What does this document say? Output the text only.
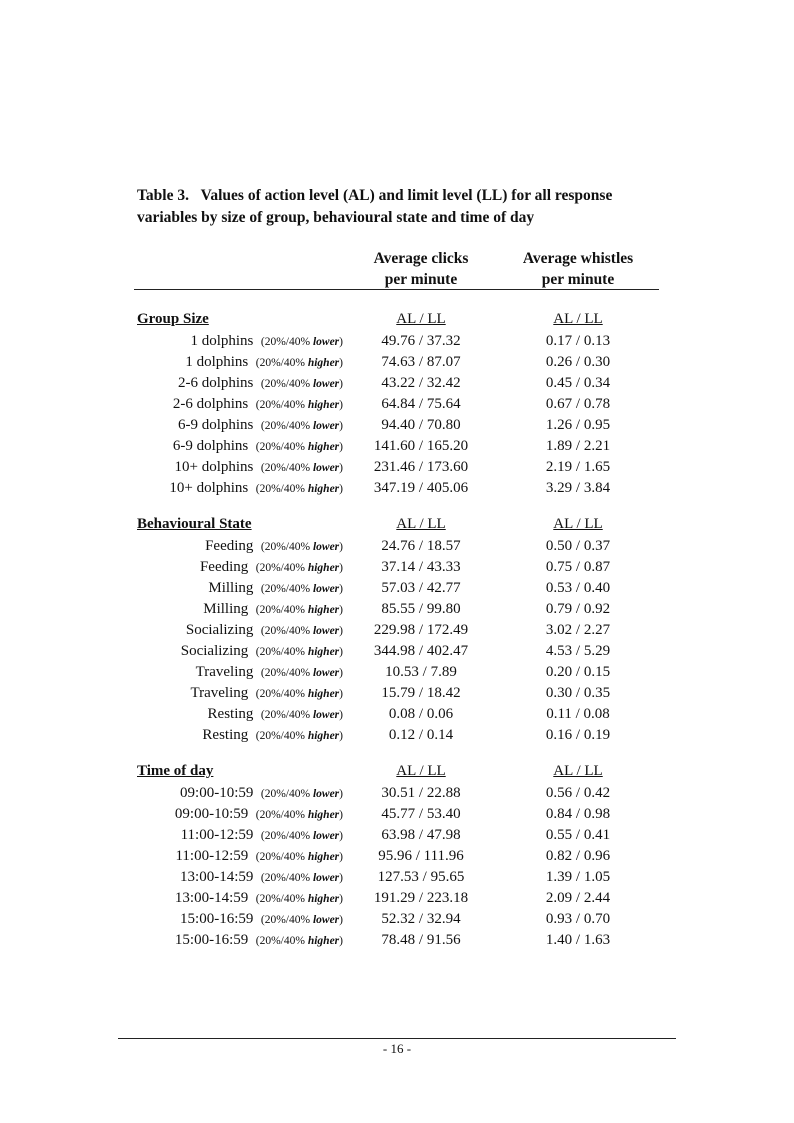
Table 3. Values of action level (AL) and limit level (LL) for all response variables by size of group, behavioural state and time of day
Average clicks
per minute
Average whistles
per minute
Group Size	AL / LL	AL / LL
1 dolphins (20%/40% lower)	49.76 / 37.32	0.17 / 0.13
1 dolphins (20%/40% higher)	74.63 / 87.07	0.26 / 0.30
2-6 dolphins (20%/40% lower)	43.22 / 32.42	0.45 / 0.34
2-6 dolphins (20%/40% higher)	64.84 / 75.64	0.67 / 0.78
6-9 dolphins (20%/40% lower)	94.40 / 70.80	1.26 / 0.95
6-9 dolphins (20%/40% higher)	141.60 / 165.20	1.89 / 2.21
10+ dolphins (20%/40% lower)	231.46 / 173.60	2.19 / 1.65
10+ dolphins (20%/40% higher)	347.19 / 405.06	3.29 / 3.84
Behavioural State	AL / LL	AL / LL
Feeding (20%/40% lower)	24.76 / 18.57	0.50 / 0.37
Feeding (20%/40% higher)	37.14 / 43.33	0.75 / 0.87
Milling (20%/40% lower)	57.03 / 42.77	0.53 / 0.40
Milling (20%/40% higher)	85.55 / 99.80	0.79 / 0.92
Socializing (20%/40% lower)	229.98 / 172.49	3.02 / 2.27
Socializing (20%/40% higher)	344.98 / 402.47	4.53 / 5.29
Traveling (20%/40% lower)	10.53 / 7.89	0.20 / 0.15
Traveling (20%/40% higher)	15.79 / 18.42	0.30 / 0.35
Resting (20%/40% lower)	0.08 / 0.06	0.11 / 0.08
Resting (20%/40% higher)	0.12 / 0.14	0.16 / 0.19
Time of day	AL / LL	AL / LL
09:00-10:59 (20%/40% lower)	30.51 / 22.88	0.56 / 0.42
09:00-10:59 (20%/40% higher)	45.77 / 53.40	0.84 / 0.98
11:00-12:59 (20%/40% lower)	63.98 / 47.98	0.55 / 0.41
11:00-12:59 (20%/40% higher)	95.96 / 111.96	0.82 / 0.96
13:00-14:59 (20%/40% lower)	127.53 / 95.65	1.39 / 1.05
13:00-14:59 (20%/40% higher)	191.29 / 223.18	2.09 / 2.44
15:00-16:59 (20%/40% lower)	52.32 / 32.94	0.93 / 0.70
15:00-16:59 (20%/40% higher)	78.48 / 91.56	1.40 / 1.63
- 16 -
